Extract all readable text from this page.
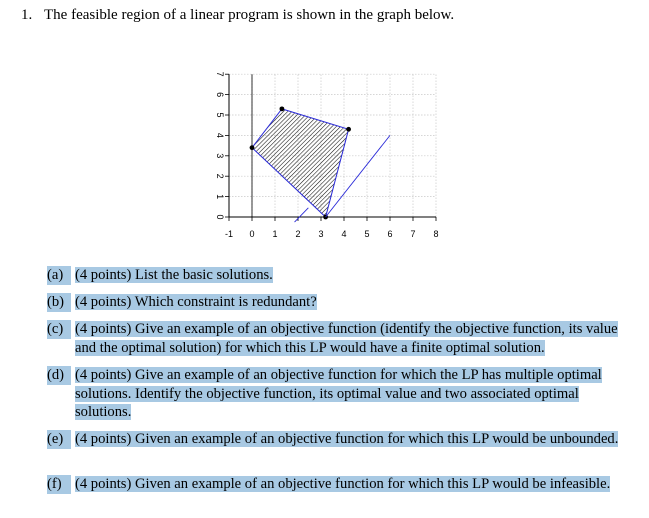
1. The feasible region of a linear program is shown in the graph below.
-1 0 1 2 3 4 5 6 7 8
0
1
2
3
4
5
6
7
(a) (4 points) List the basic solutions.
(b) (4 points) Which constraint is redundant?
(c) (4 points) Give an example of an objective function (identify the objective function, its value and the optimal solution) for which this LP would have a finite optimal solution.
(d) (4 points) Give an example of an objective function for which the LP has multiple optimal solutions. Identify the objective function, its optimal value and two associated optimal solutions.
(e) (4 points) Given an example of an objective function for which this LP would be unbounded.
(f) (4 points) Given an example of an objective function for which this LP would be infeasible.
